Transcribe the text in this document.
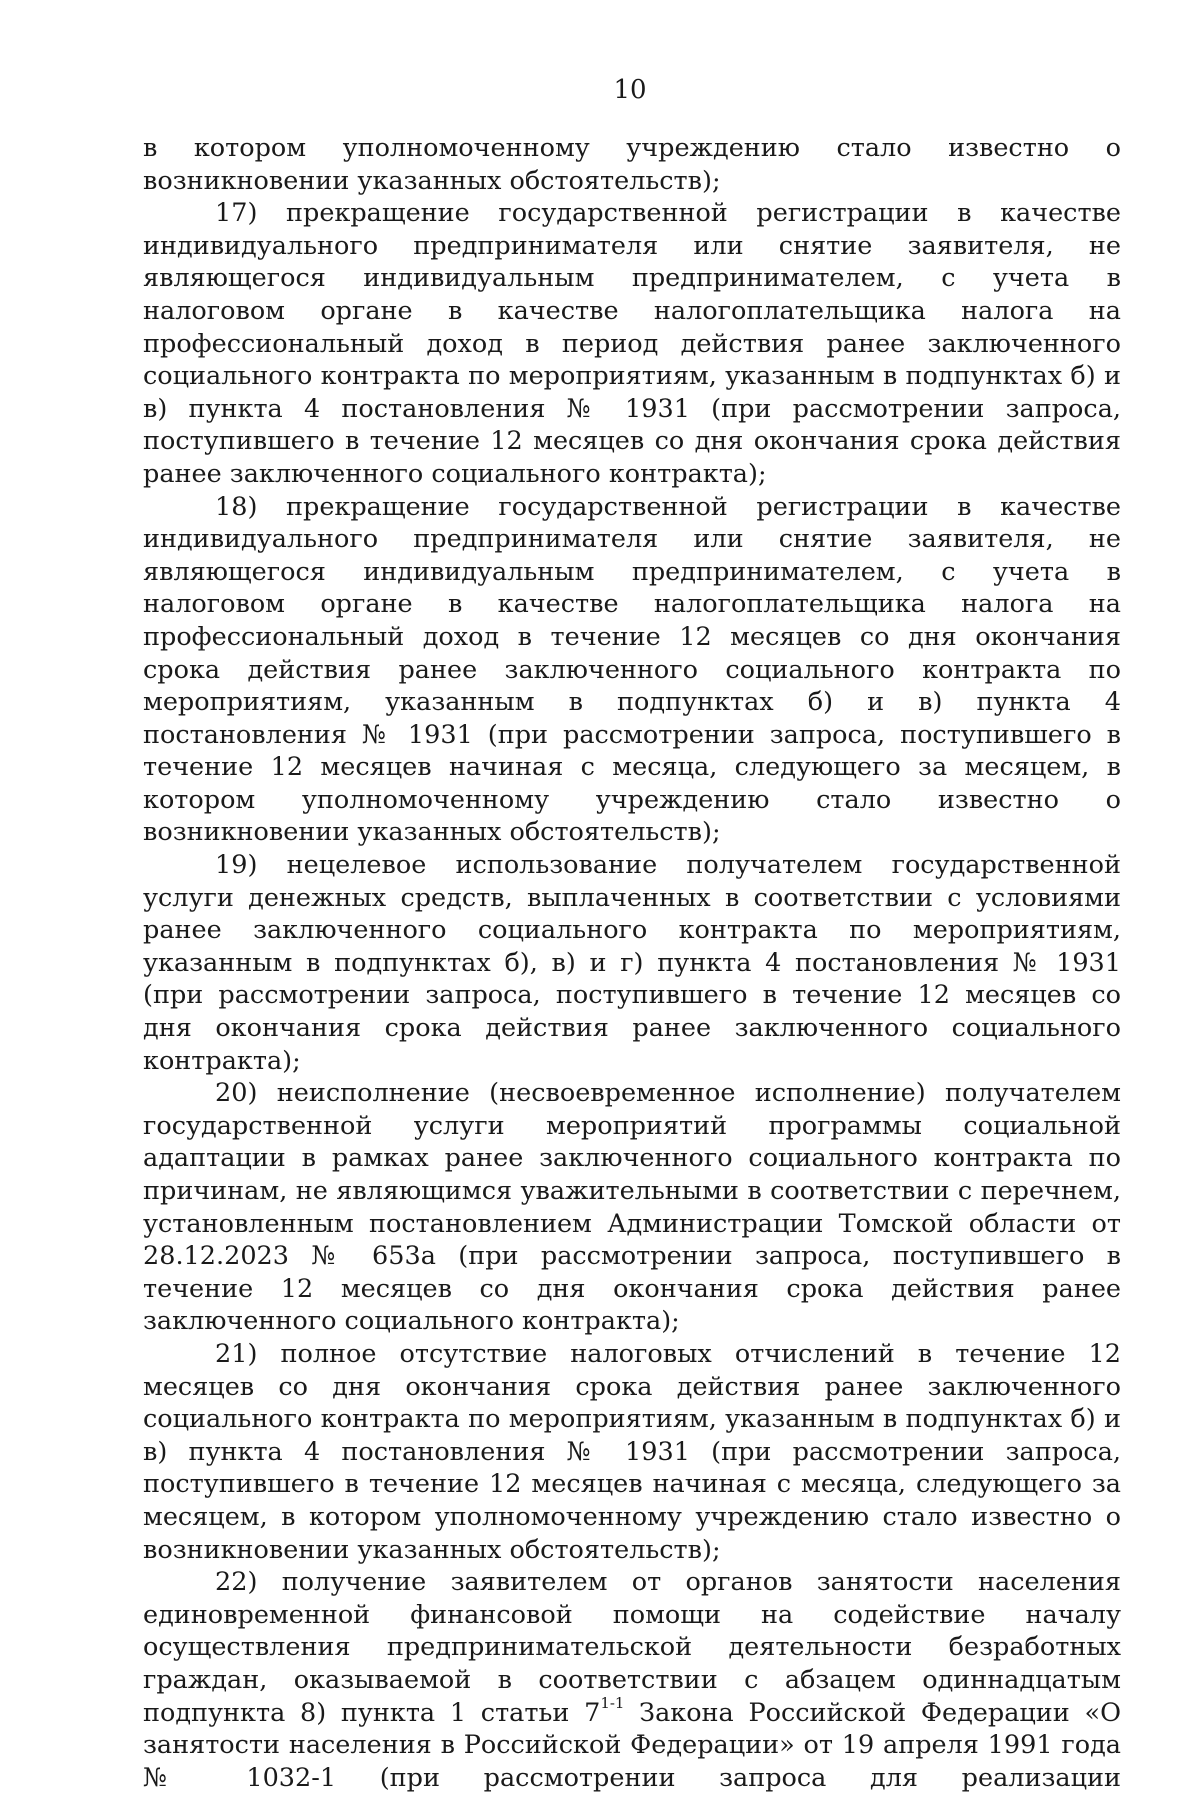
10

в котором уполномоченному учреждению стало известно о возникновении указанных обстоятельств);

17) прекращение государственной регистрации в качестве индивидуального предпринимателя или снятие заявителя, не являющегося индивидуальным предпринимателем, с учета в налоговом органе в качестве налогоплательщика налога на профессиональный доход в период действия ранее заключенного социального контракта по мероприятиям, указанным в подпунктах б) и в) пункта 4 постановления № 1931 (при рассмотрении запроса, поступившего в течение 12 месяцев со дня окончания срока действия ранее заключенного социального контракта);

18) прекращение государственной регистрации в качестве индивидуального предпринимателя или снятие заявителя, не являющегося индивидуальным предпринимателем, с учета в налоговом органе в качестве налогоплательщика налога на профессиональный доход в течение 12 месяцев со дня окончания срока действия ранее заключенного социального контракта по мероприятиям, указанным в подпунктах б) и в) пункта 4 постановления № 1931 (при рассмотрении запроса, поступившего в течение 12 месяцев начиная с месяца, следующего за месяцем, в котором уполномоченному учреждению стало известно о возникновении указанных обстоятельств);

19) нецелевое использование получателем государственной услуги денежных средств, выплаченных в соответствии с условиями ранее заключенного социального контракта по мероприятиям, указанным в подпунктах б), в) и г) пункта 4 постановления № 1931 (при рассмотрении запроса, поступившего в течение 12 месяцев со дня окончания срока действия ранее заключенного социального контракта);

20) неисполнение (несвоевременное исполнение) получателем государственной услуги мероприятий программы социальной адаптации в рамках ранее заключенного социального контракта по причинам, не являющимся уважительными в соответствии с перечнем, установленным постановлением Администрации Томской области от 28.12.2023 № 653а (при рассмотрении запроса, поступившего в течение 12 месяцев со дня окончания срока действия ранее заключенного социального контракта);

21) полное отсутствие налоговых отчислений в течение 12 месяцев со дня окончания срока действия ранее заключенного социального контракта по мероприятиям, указанным в подпунктах б) и в) пункта 4 постановления № 1931 (при рассмотрении запроса, поступившего в течение 12 месяцев начиная с месяца, следующего за месяцем, в котором уполномоченному учреждению стало известно о возникновении указанных обстоятельств);

22) получение заявителем от органов занятости населения единовременной финансовой помощи на содействие началу осуществления предпринимательской деятельности безработных граждан, оказываемой в соответствии с абзацем одиннадцатым подпункта 8) пункта 1 статьи 7$^{1-1}$ Закона Российской Федерации «О занятости населения в Российской Федерации» от 19 апреля 1991 года № 1032-1 (при рассмотрении запроса для реализации
